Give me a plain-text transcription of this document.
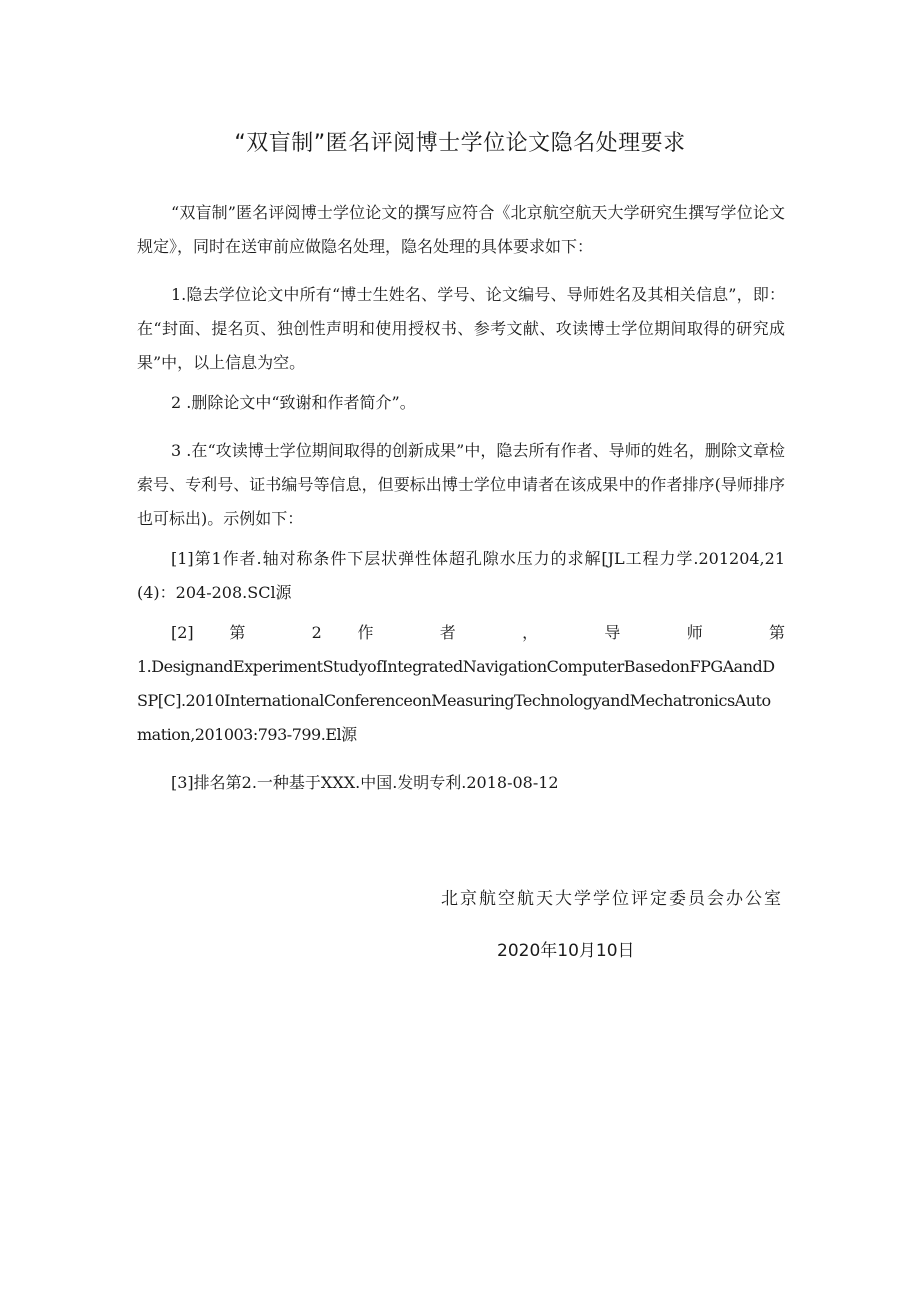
“双盲制”匿名评阅博士学位论文隐名处理要求

“双盲制”匿名评阅博士学位论文的撰写应符合《北京航空航天大学研究生撰写学位论文规定》，同时在送审前应做隐名处理，隐名处理的具体要求如下：

1.隐去学位论文中所有“博士生姓名、学号、论文编号、导师姓名及其相关信息”，即：在“封面、提名页、独创性声明和使用授权书、参考文献、攻读博士学位期间取得的研究成果”中，以上信息为空。

2 .删除论文中“致谢和作者简介”。

3 .在“攻读博士学位期间取得的创新成果”中，隐去所有作者、导师的姓名，删除文章检索号、专利号、证书编号等信息，但要标出博士学位申请者在该成果中的作者排序(导师排序也可标出)。示例如下：

[1]第1作者.轴对称条件下层状弹性体超孔隙水压力的求解[JL工程力学.201204,21(4)：204-208.SCl源

[2] 第 2 作 者 ， 导 师 第

1.DesignandExperimentStudyofIntegratedNavigationComputerBasedonFPGAandDSP[C].2010InternationalConferenceonMeasuringTechnologyandMechatronicsAutomation,201003:793-799.El源

[3]排名第2.一种基于XXX.中国.发明专利.2018-08-12

北京航空航天大学学位评定委员会办公室
2020年10月10日
